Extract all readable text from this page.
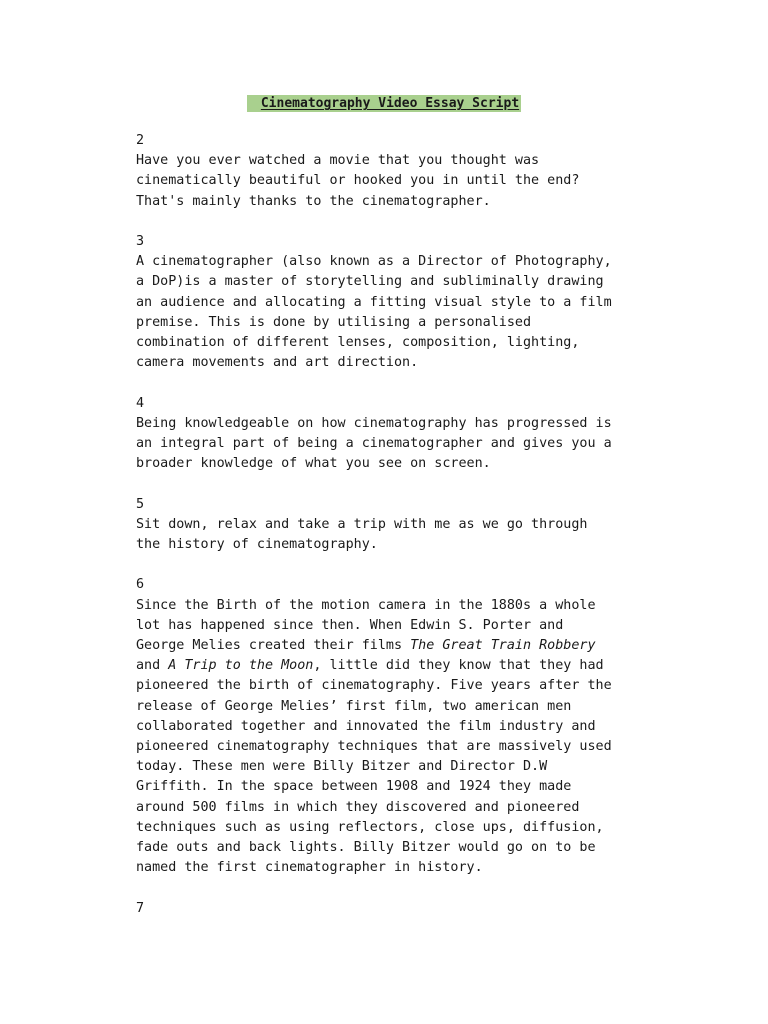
Cinematography Video Essay Script
2
Have you ever watched a movie that you thought was
cinematically beautiful or hooked you in until the end?
That's mainly thanks to the cinematographer.
3
A cinematographer (also known as a Director of Photography,
a DoP)is a master of storytelling and subliminally drawing
an audience and allocating a fitting visual style to a film
premise. This is done by utilising a personalised
combination of different lenses, composition, lighting,
camera movements and art direction.
4
Being knowledgeable on how cinematography has progressed is
an integral part of being a cinematographer and gives you a
broader knowledge of what you see on screen.
5
Sit down, relax and take a trip with me as we go through
the history of cinematography.
6
Since the Birth of the motion camera in the 1880s a whole
lot has happened since then. When Edwin S. Porter and
George Melies created their films The Great Train Robbery
and A Trip to the Moon, little did they know that they had
pioneered the birth of cinematography. Five years after the
release of George Melies’ first film, two american men
collaborated together and innovated the film industry and
pioneered cinematography techniques that are massively used
today. These men were Billy Bitzer and Director D.W
Griffith. In the space between 1908 and 1924 they made
around 500 films in which they discovered and pioneered
techniques such as using reflectors, close ups, diffusion,
fade outs and back lights. Billy Bitzer would go on to be
named the first cinematographer in history.
7
